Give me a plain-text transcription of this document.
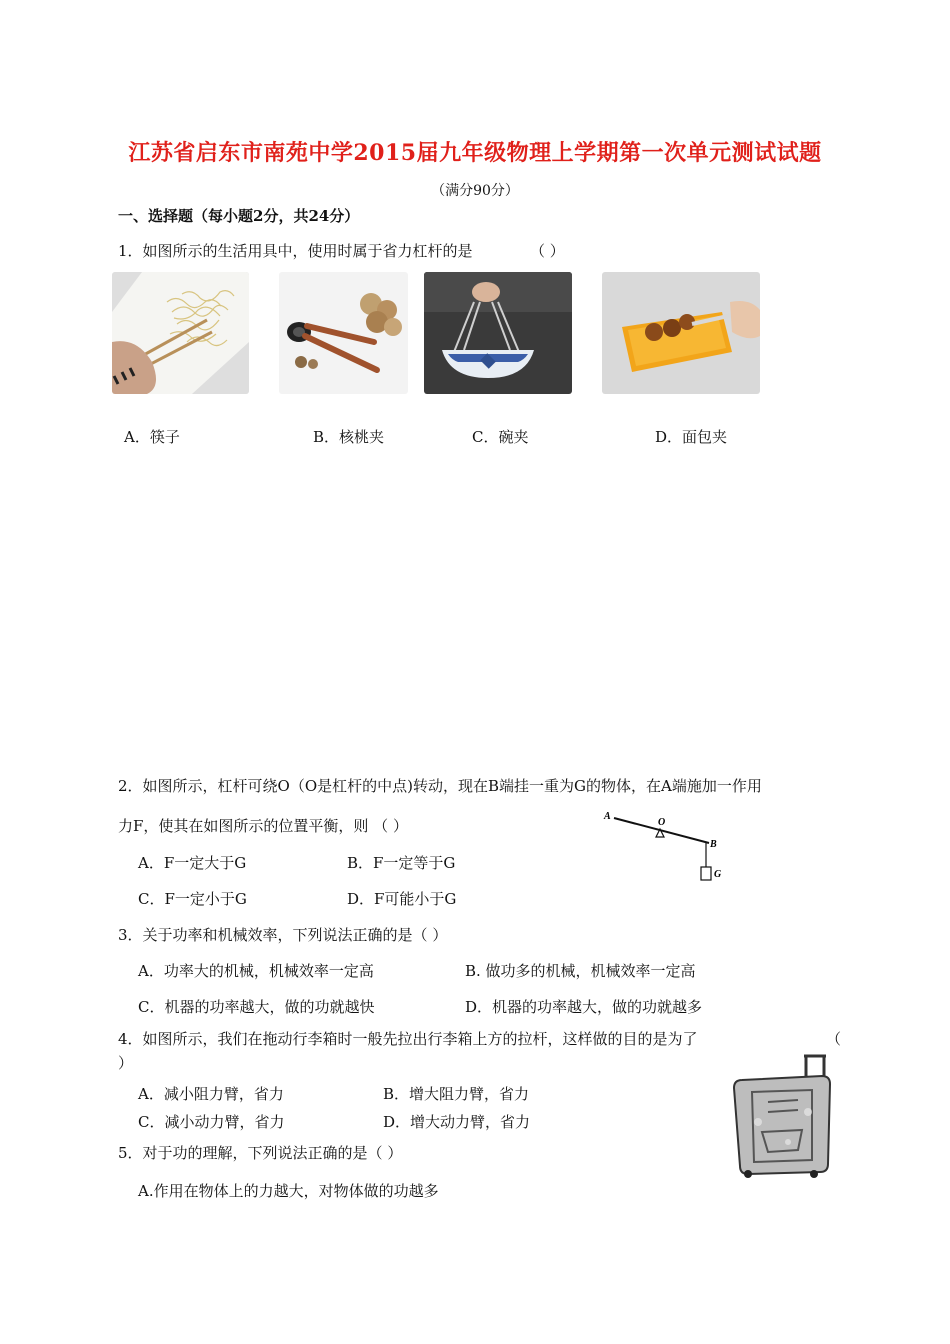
江苏省启东市南苑中学2015届九年级物理上学期第一次单元测试试题
（满分90分）
一、选择题（每小题2分，共24分）
1．如图所示的生活用具中，使用时属于省力杠杆的是	（ ）
A．筷子	B．核桃夹	C．碗夹	D．面包夹
2．如图所示，杠杆可绕O（O是杠杆的中点)转动，现在B端挂一重为G的物体，在A端施加一作用
力F，使其在如图所示的位置平衡，则 （ ）
A
O
B
G
A．F一定大于G	B．F一定等于G
C．F一定小于G	D．F可能小于G
3．关于功率和机械效率，下列说法正确的是（ ）
A．功率大的机械，机械效率一定高	B. 做功多的机械，机械效率一定高
C．机器的功率越大，做的功就越快	D．机器的功率越大，做的功就越多
4．如图所示，我们在拖动行李箱时一般先拉出行李箱上方的拉杆，这样做的目的是为了	（
）
A．减小阻力臂，省力	B．增大阻力臂，省力
C．减小动力臂，省力	D．增大动力臂，省力
5．对于功的理解，下列说法正确的是（ ）
A.作用在物体上的力越大，对物体做的功越多
